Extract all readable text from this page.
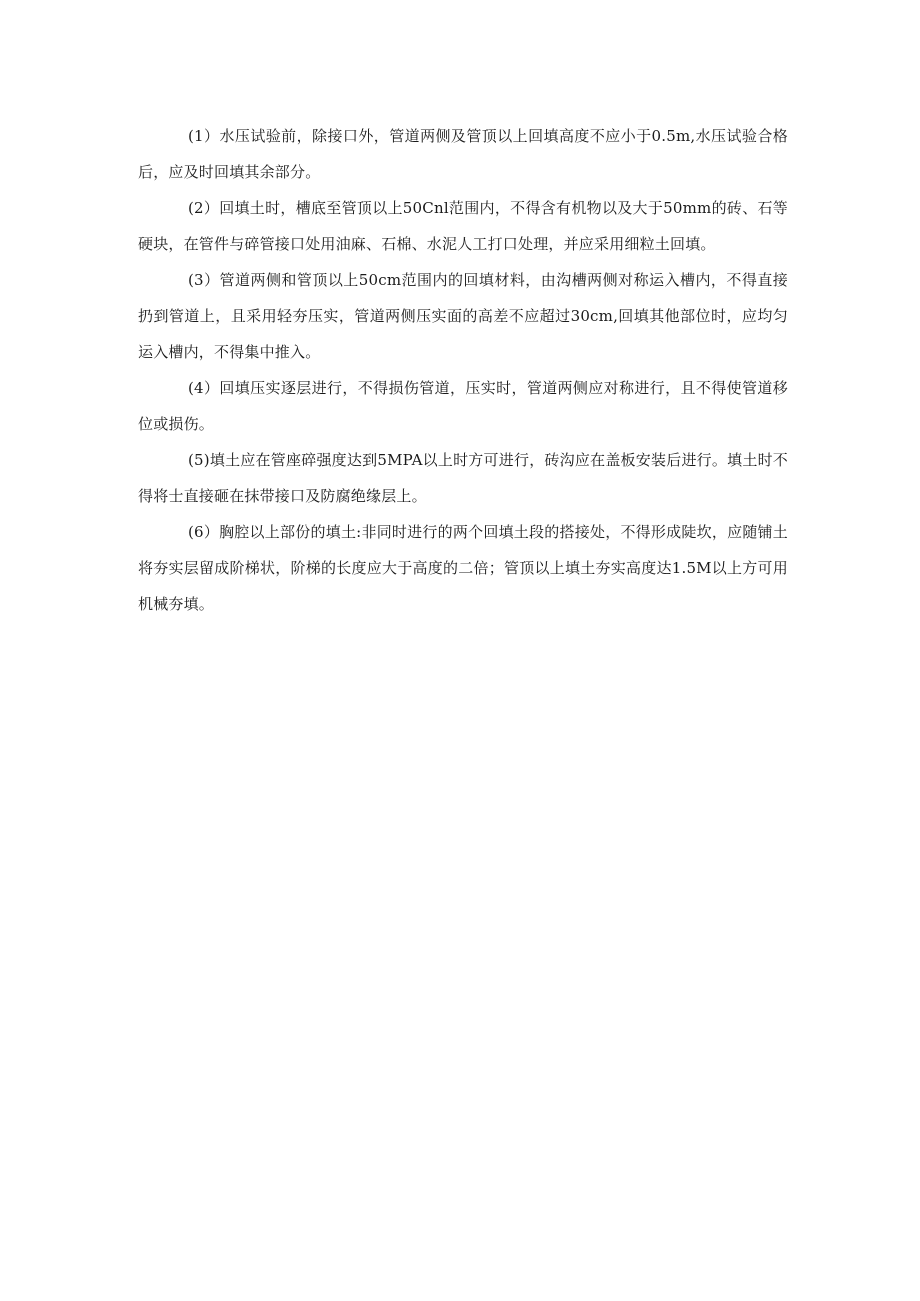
(1）水压试验前，除接口外，管道两侧及管顶以上回填高度不应小于0.5m,水压试验合格后，应及时回填其余部分。

(2）回填土时，槽底至管顶以上50Cnl范围内，不得含有机物以及大于50mm的砖、石等硬块，在管件与碎管接口处用油麻、石棉、水泥人工打口处理，并应采用细粒土回填。

(3）管道两侧和管顶以上50cm范围内的回填材料，由沟槽两侧对称运入槽内，不得直接扔到管道上，且采用轻夯压实，管道两侧压实面的高差不应超过30cm,回填其他部位时，应均匀运入槽内，不得集中推入。

(4）回填压实逐层进行，不得损伤管道，压实时，管道两侧应对称进行，且不得使管道移位或损伤。

(5)填土应在管座碎强度达到5MPA以上时方可进行，砖沟应在盖板安装后进行。填土时不得将士直接砸在抹带接口及防腐绝缘层上。

(6）胸腔以上部份的填土:非同时进行的两个回填土段的搭接处，不得形成陡坎，应随铺土将夯实层留成阶梯状，阶梯的长度应大于高度的二倍；管顶以上填土夯实高度达1.5M以上方可用机械夯填。
